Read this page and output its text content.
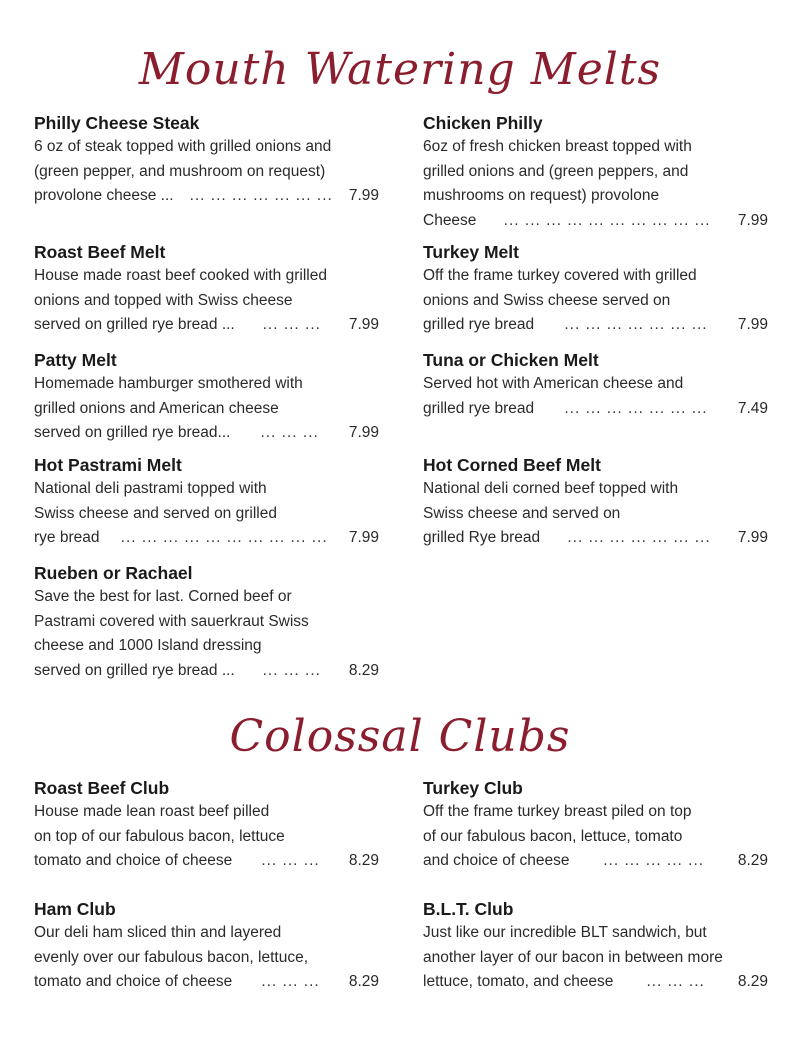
Mouth Watering Melts
Philly Cheese Steak
6 oz of steak topped with grilled onions and
(green pepper, and mushroom on request)
provolone cheese ...	... ... ... ... ... ... ...	7.99
Roast Beef Melt
House made roast beef cooked with grilled
onions and topped with Swiss cheese
served on grilled rye bread ...	... ... ...	7.99
Patty Melt
Homemade hamburger smothered with
grilled onions and American cheese
served on grilled rye bread...	... ... ...	7.99
Hot Pastrami Melt
National deli pastrami topped with
Swiss cheese and served on grilled
rye bread	... ... ... ... ... ... ... ... ... ...	7.99
Rueben or Rachael
Save the best for last. Corned beef or
Pastrami covered with sauerkraut Swiss
cheese and 1000 Island dressing
served on grilled rye bread ...	... ... ...	8.29
Chicken Philly
6oz of fresh chicken breast topped with
grilled onions and (green peppers, and
mushrooms on request) provolone
Cheese	... ... ... ... ... ... ... ... ... ...	7.99
Turkey Melt
Off the frame turkey covered with grilled
onions and Swiss cheese served on
grilled rye bread	... ... ... ... ... ... ...	7.99
Tuna or Chicken Melt
Served hot with American cheese and
grilled rye bread	... ... ... ... ... ... ...	7.49
Hot Corned Beef Melt
National deli corned beef topped with
Swiss cheese and served on
grilled Rye bread	... ... ... ... ... ... ...	7.99
Colossal Clubs
Roast Beef Club
House made lean roast beef pilled
on top of our fabulous bacon, lettuce
tomato and choice of cheese	... ... ...	8.29
Ham Club
Our deli ham sliced thin and layered
evenly over our fabulous bacon, lettuce,
tomato and choice of cheese	... ... ...	8.29
Turkey Club
Off the frame turkey breast piled on top
of our fabulous bacon, lettuce, tomato
and choice of cheese	... ... ... ... ...	8.29
B.L.T. Club
Just like our incredible BLT sandwich, but
another layer of our bacon in between more
lettuce, tomato, and cheese	... ... ...	8.29
